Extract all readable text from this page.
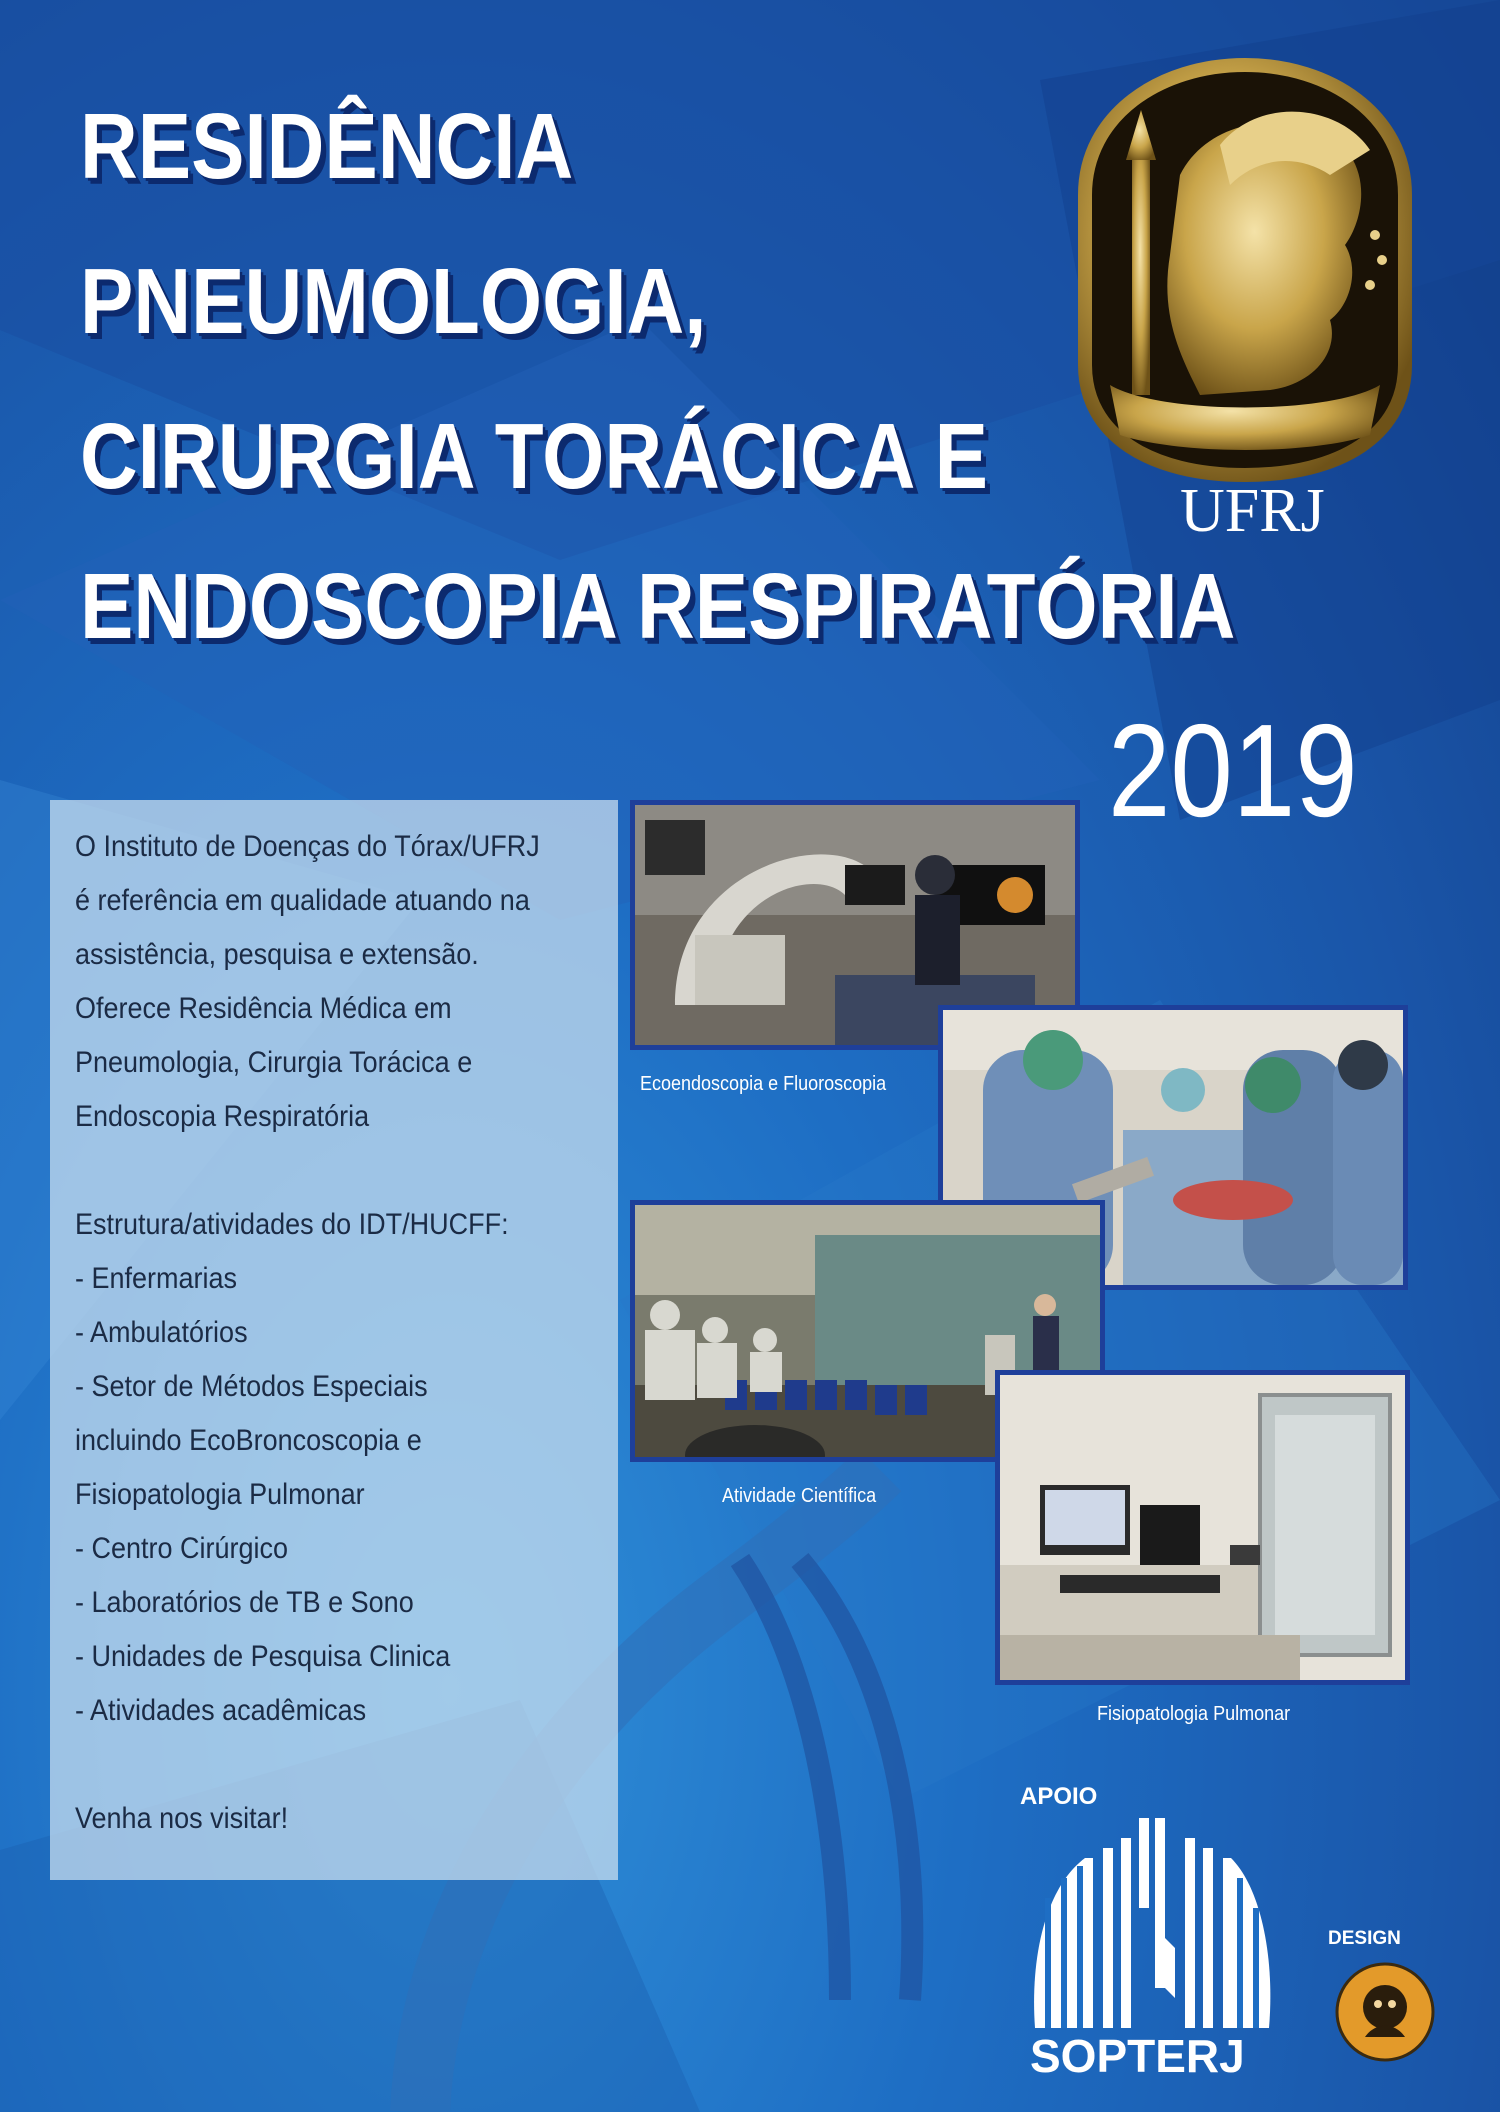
RESIDÊNCIA
PNEUMOLOGIA,
CIRURGIA TORÁCICA E
ENDOSCOPIA RESPIRATÓRIA
2019
UFRJ
O Instituto de Doenças do Tórax/UFRJ
é referência em qualidade atuando na
assistência, pesquisa e extensão.
Oferece Residência Médica em
Pneumologia, Cirurgia Torácica e
Endoscopia Respiratória
Estrutura/atividades do IDT/HUCFF:
- Enfermarias
- Ambulatórios
- Setor de Métodos Especiais
incluindo EcoBroncoscopia e
Fisiopatologia Pulmonar
- Centro Cirúrgico
- Laboratórios de TB e Sono
- Unidades de Pesquisa Clinica
- Atividades acadêmicas
Venha nos visitar!
Ecoendoscopia e Fluoroscopia
Atividade Científica
Fisiopatologia Pulmonar
APOIO
SOPTERJ
DESIGN
